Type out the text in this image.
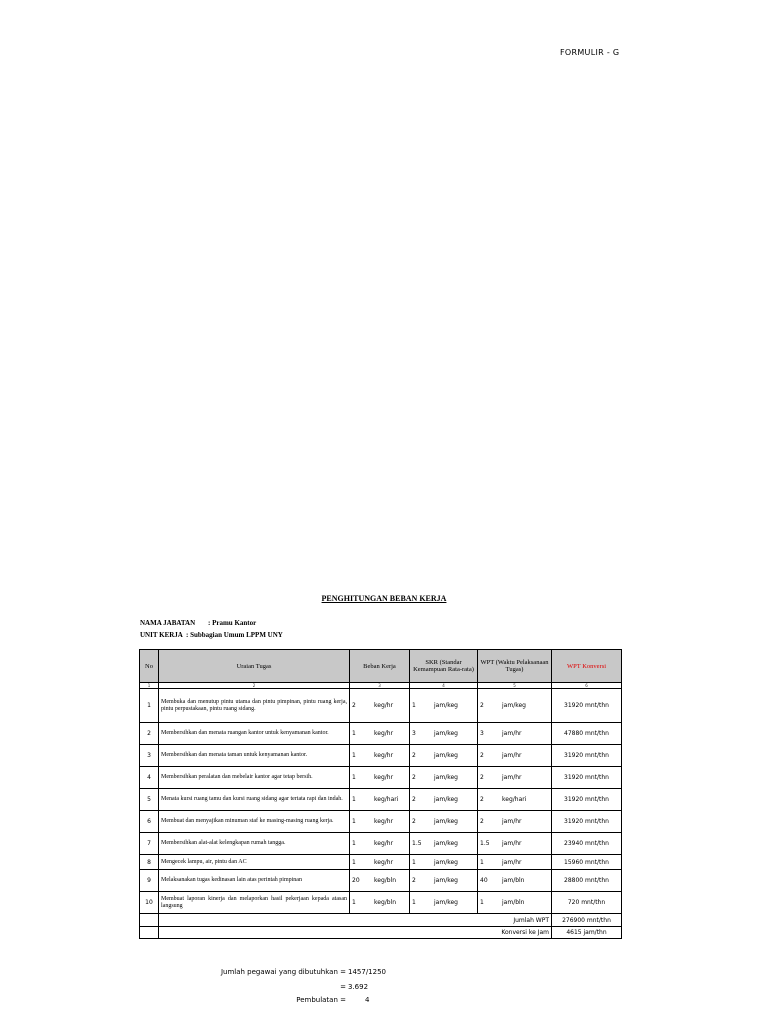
FORMULIR - G
PENGHITUNGAN BEBAN KERJA
NAMA JABATAN : Pramu Kantor
UNIT KERJA : Subbagian Umum LPPM UNY
No	Uraian Tugas	Beban Kerja	SKR (Standar Kemampuan Rata-rata)	WPT (Waktu Pelaksanaan Tugas)	WPT Konversi
1	2	3	4	5	6
1	Membuka dan menutup pintu utama dan pintu pimpinan, pintu ruang kerja, pintu perpustakaan, pintu ruang sidang.	2 keg/hr	1 jam/keg	2 jam/keg	31920 mnt/thn
2	Membersihkan dan menata ruangan kantor untuk kenyamanan kantor.	1 keg/hr	3 jam/keg	3 jam/hr	47880 mnt/thn
3	Membersihkan dan menata taman untuk kenyamanan kantor.	1 keg/hr	2 jam/keg	2 jam/hr	31920 mnt/thn
4	Membersihkan peralatan dan mebelair kantor agar tetap bersih.	1 keg/hr	2 jam/keg	2 jam/hr	31920 mnt/thn
5	Menata kursi ruang tamu dan kursi ruang sidang agar tertata rapi dan indah.	1 keg/hari	2 jam/keg	2 keg/hari	31920 mnt/thn
6	Membuat dan menyajikan minuman staf ke masing-masing ruang kerja.	1 keg/hr	2 jam/keg	2 jam/hr	31920 mnt/thn
7	Membersihkan alat-alat kelengkapan rumah tangga.	1 keg/hr	1.5 jam/keg	1.5 jam/hr	23940 mnt/thn
8	Mengecek lampu, air, pintu dan AC	1 keg/hr	1 jam/keg	1 jam/hr	15960 mnt/thn
9	Melaksanakan tugas kedinasan lain atas perintah pimpinan	20 keg/bln	2 jam/keg	40 jam/bln	28800 mnt/thn
10	Membuat laporan kinerja dan melaporkan hasil pekerjaan kepada atasan langsung	1 keg/bln	1 jam/keg	1 jam/bln	720 mnt/thn
	Jumlah WPT				276900 mnt/thn
	Konversi ke Jam				4615 jam/thn
Jumlah pegawai yang dibutuhkan = 1457/1250
= 3.692
Pembulatan =	4
